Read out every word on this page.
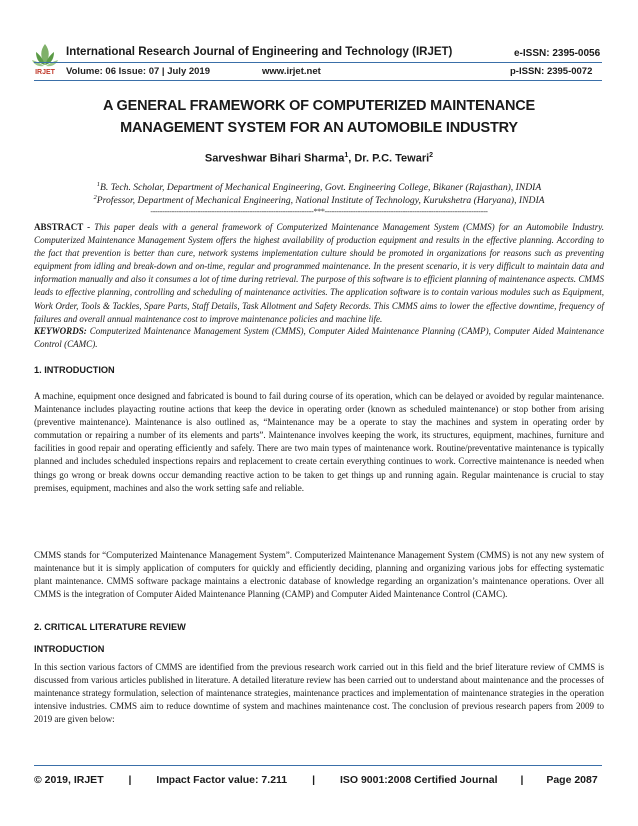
IRJET
International Research Journal of Engineering and Technology (IRJET)	e-ISSN: 2395-0056
Volume: 06 Issue: 07 | July 2019	www.irjet.net	p-ISSN: 2395-0072
A GENERAL FRAMEWORK OF COMPUTERIZED MAINTENANCE
MANAGEMENT SYSTEM FOR AN AUTOMOBILE INDUSTRY
Sarveshwar Bihari Sharma$^1$, Dr. P.C. Tewari$^2$
$^1$B. Tech. Scholar, Department of Mechanical Engineering, Govt. Engineering College, Bikaner (Rajasthan), INDIA
$^2$Professor, Department of Mechanical Engineering, National Institute of Technology, Kurukshetra (Haryana), INDIA
---------------------------------------------------------------------***---------------------------------------------------------------------
ABSTRACT - This paper deals with a general framework of Computerized Maintenance Management System (CMMS) for an Automobile Industry. Computerized Maintenance Management System offers the highest availability of production equipment and results in the effective planning. According to the fact that prevention is better than cure, network systems implementation culture should be promoted in organizations for reasons such as preventing equipment from idling and break-down and on-time, regular and programmed maintenance. In the present scenario, it is very difficult to maintain data and information manually and also it consumes a lot of time during retrieval. The purpose of this software is to efficient planning of maintenance aspects. CMMS leads to effective planning, controlling and scheduling of maintenance activities. The application software is to contain various modules such as Equipment, Work Order, Tools & Tackles, Spare Parts, Staff Details, Task Allotment and Safety Records. This CMMS aims to lower the effective downtime, frequency of failures and overall annual maintenance cost to improve maintenance policies and machine life.
KEYWORDS: Computerized Maintenance Management System (CMMS), Computer Aided Maintenance Planning (CAMP), Computer Aided Maintenance Control (CAMC).
1. INTRODUCTION
A machine, equipment once designed and fabricated is bound to fail during course of its operation, which can be delayed or avoided by regular maintenance. Maintenance includes playacting routine actions that keep the device in operating order (known as scheduled maintenance) or stop bother from arising (preventive maintenance). Maintenance is also outlined as, “Maintenance may be a operate to stay the machines and system in operating order by commutation or repairing a number of its elements and parts”. Maintenance involves keeping the work, its structures, equipment, machines, furniture and facilities in good repair and operating efficiently and safely. There are two main types of maintenance work. Routine/preventative maintenance is typically planned and includes scheduled inspections repairs and replacement to create certain everything continues to work. Corrective maintenance is needed when things go wrong or break downs occur demanding reactive action to be taken to get things up and running again. Regular maintenance is crucial to stay premises, equipment, machines and also the work setting safe and reliable.
CMMS stands for “Computerized Maintenance Management System”. Computerized Maintenance Management System (CMMS) is not any new system of maintenance but it is simply application of computers for quickly and efficiently deciding, planning and organizing various jobs for effecting systematic plant maintenance. CMMS software package maintains a electronic database of knowledge regarding an organization’s maintenance operations. Over all CMMS is the integration of Computer Aided Maintenance Planning (CAMP) and Computer Aided Maintenance Control (CAMC).
2. CRITICAL LITERATURE REVIEW
INTRODUCTION
In this section various factors of CMMS are identified from the previous research work carried out in this field and the brief literature review of CMMS is discussed from various articles published in literature. A detailed literature review has been carried out to understand about maintenance and the processes of maintenance strategy formulation, selection of maintenance strategies, maintenance practices and implementation of maintenance strategies in the operation intensive industries. CMMS aim to reduce downtime of system and machines maintenance cost. The conclusion of previous research papers from 2009 to 2019 are given below:
© 2019, IRJET | Impact Factor value: 7.211 | ISO 9001:2008 Certified Journal | Page 2087
